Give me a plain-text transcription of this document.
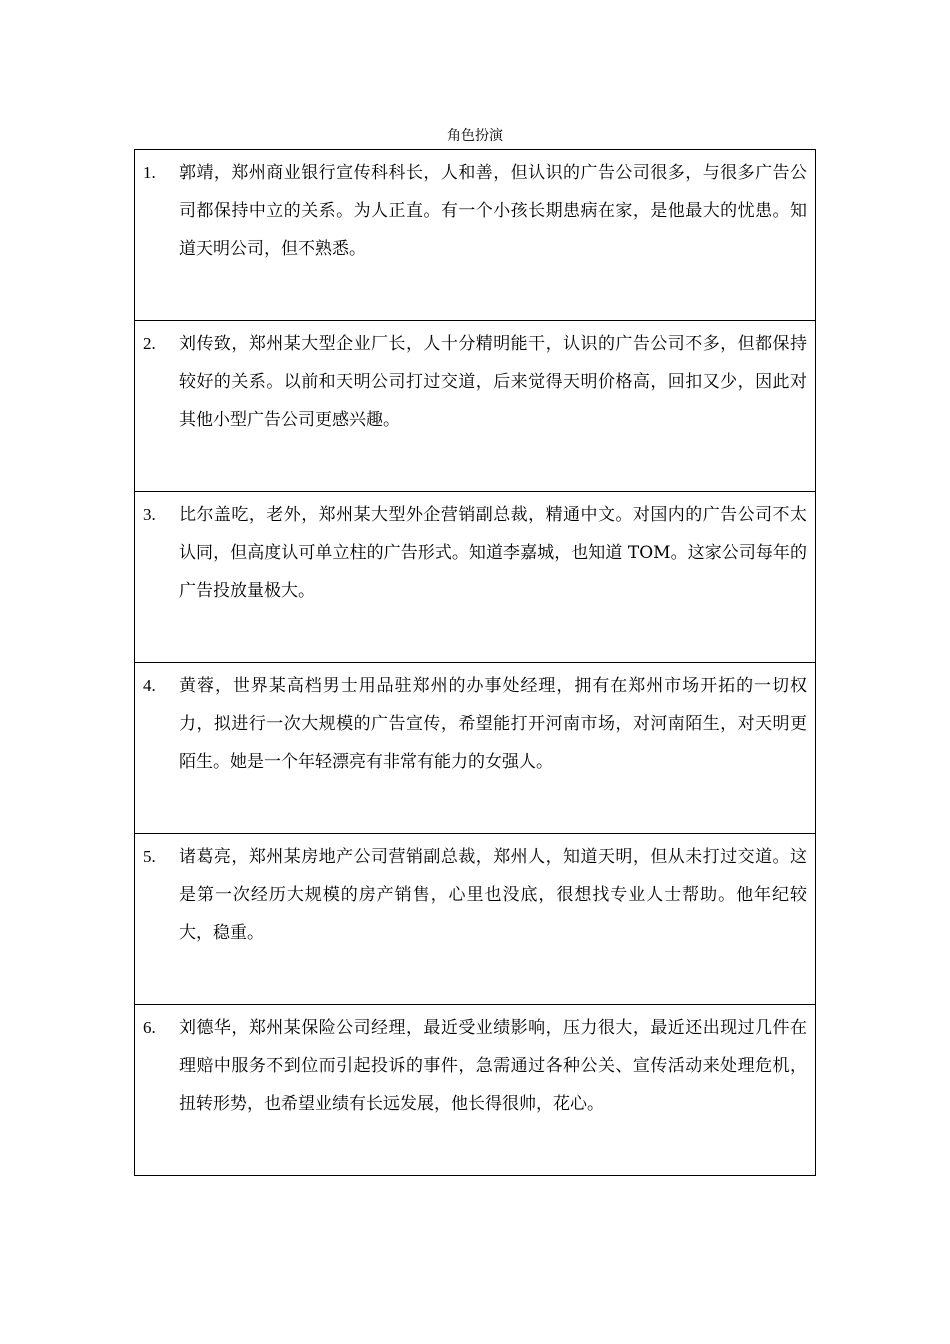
角色扮演
1.	郭靖，郑州商业银行宣传科科长，人和善，但认识的广告公司很多，与很多广告公司都保持中立的关系。为人正直。有一个小孩长期患病在家，是他最大的忧患。知道天明公司，但不熟悉。

2.	刘传致，郑州某大型企业厂长，人十分精明能干，认识的广告公司不多，但都保持较好的关系。以前和天明公司打过交道，后来觉得天明价格高，回扣又少，因此对其他小型广告公司更感兴趣。

3.	比尔盖吃，老外，郑州某大型外企营销副总裁，精通中文。对国内的广告公司不太认同，但高度认可单立柱的广告形式。知道李嘉城，也知道 TOM。这家公司每年的广告投放量极大。

4.	黄蓉，世界某高档男士用品驻郑州的办事处经理，拥有在郑州市场开拓的一切权力，拟进行一次大规模的广告宣传，希望能打开河南市场，对河南陌生，对天明更陌生。她是一个年轻漂亮有非常有能力的女强人。

5.	诸葛亮，郑州某房地产公司营销副总裁，郑州人，知道天明，但从未打过交道。这是第一次经历大规模的房产销售，心里也没底，很想找专业人士帮助。他年纪较大，稳重。

6.	刘德华，郑州某保险公司经理，最近受业绩影响，压力很大，最近还出现过几件在理赔中服务不到位而引起投诉的事件，急需通过各种公关、宣传活动来处理危机，扭转形势，也希望业绩有长远发展，他长得很帅，花心。
